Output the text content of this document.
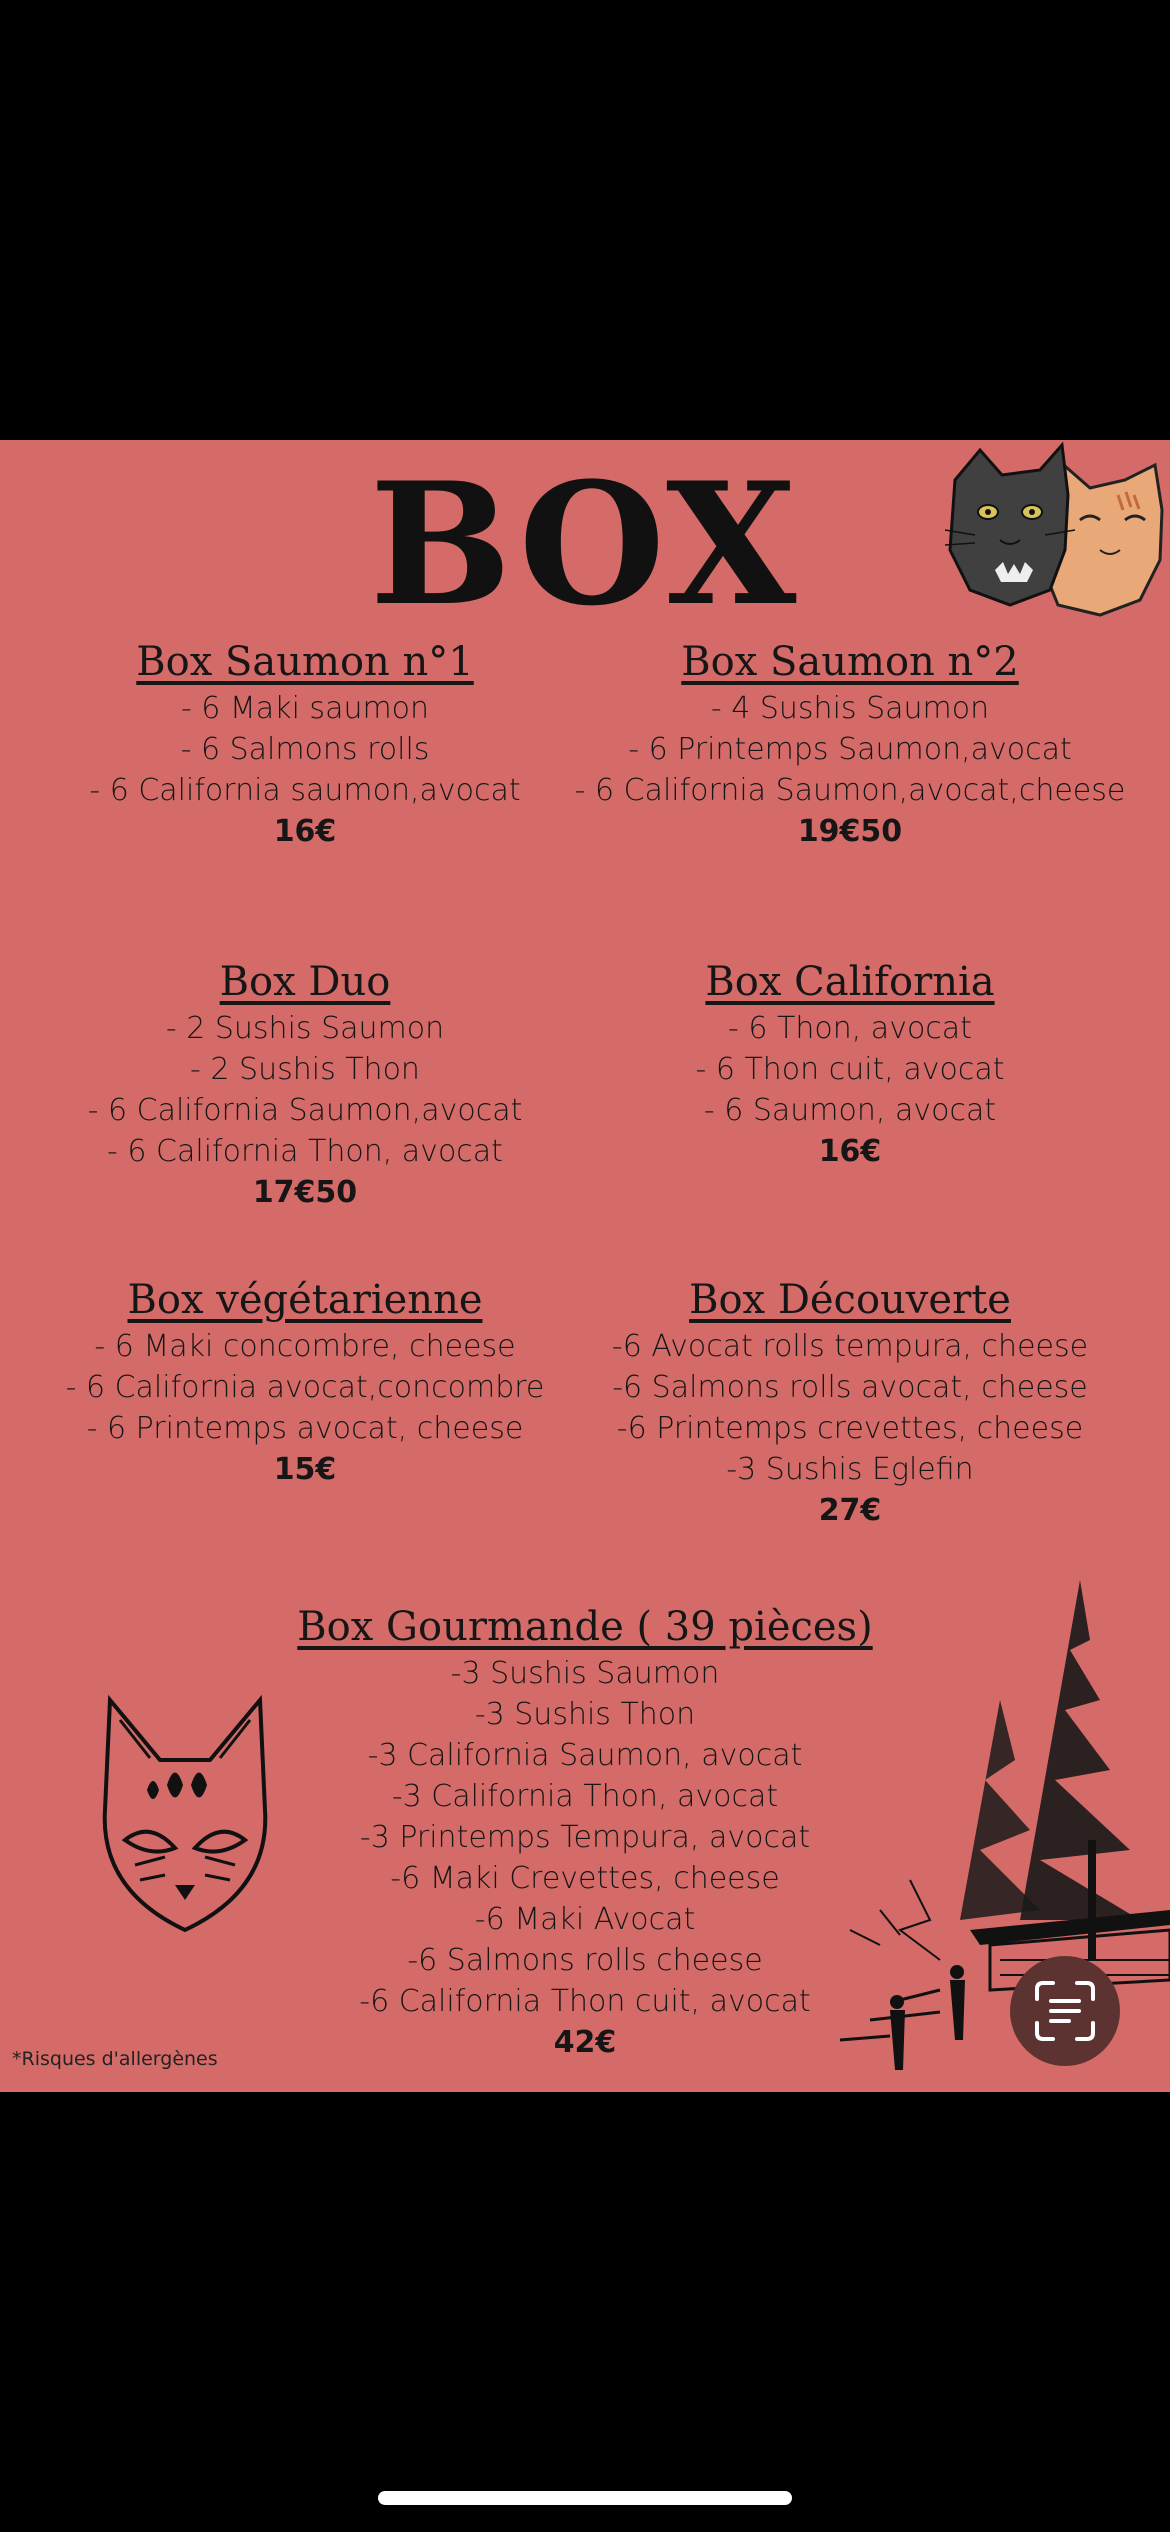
BOX
Box Saumon n°1
- 6 Maki saumon
- 6 Salmons rolls
- 6 California saumon,avocat
16€
Box Saumon n°2
- 4 Sushis Saumon
- 6 Printemps Saumon,avocat
- 6 California Saumon,avocat,cheese
19€50
Box Duo
- 2 Sushis Saumon
- 2 Sushis Thon
- 6 California Saumon,avocat
- 6 California Thon, avocat
17€50
Box California
- 6 Thon, avocat
- 6 Thon cuit, avocat
- 6 Saumon, avocat
16€
Box végétarienne
- 6 Maki concombre, cheese
- 6 California avocat,concombre
- 6 Printemps avocat, cheese
15€
Box Découverte
-6 Avocat rolls tempura, cheese
-6 Salmons rolls avocat, cheese
-6 Printemps crevettes, cheese
-3 Sushis Eglefin
27€
Box Gourmande ( 39 pièces)
-3 Sushis Saumon
-3 Sushis Thon
-3 California Saumon, avocat
-3 California Thon, avocat
-3 Printemps Tempura, avocat
-6 Maki Crevettes, cheese
-6 Maki Avocat
-6 Salmons rolls cheese
-6 California Thon cuit, avocat
42€
*Risques d'allergènes
